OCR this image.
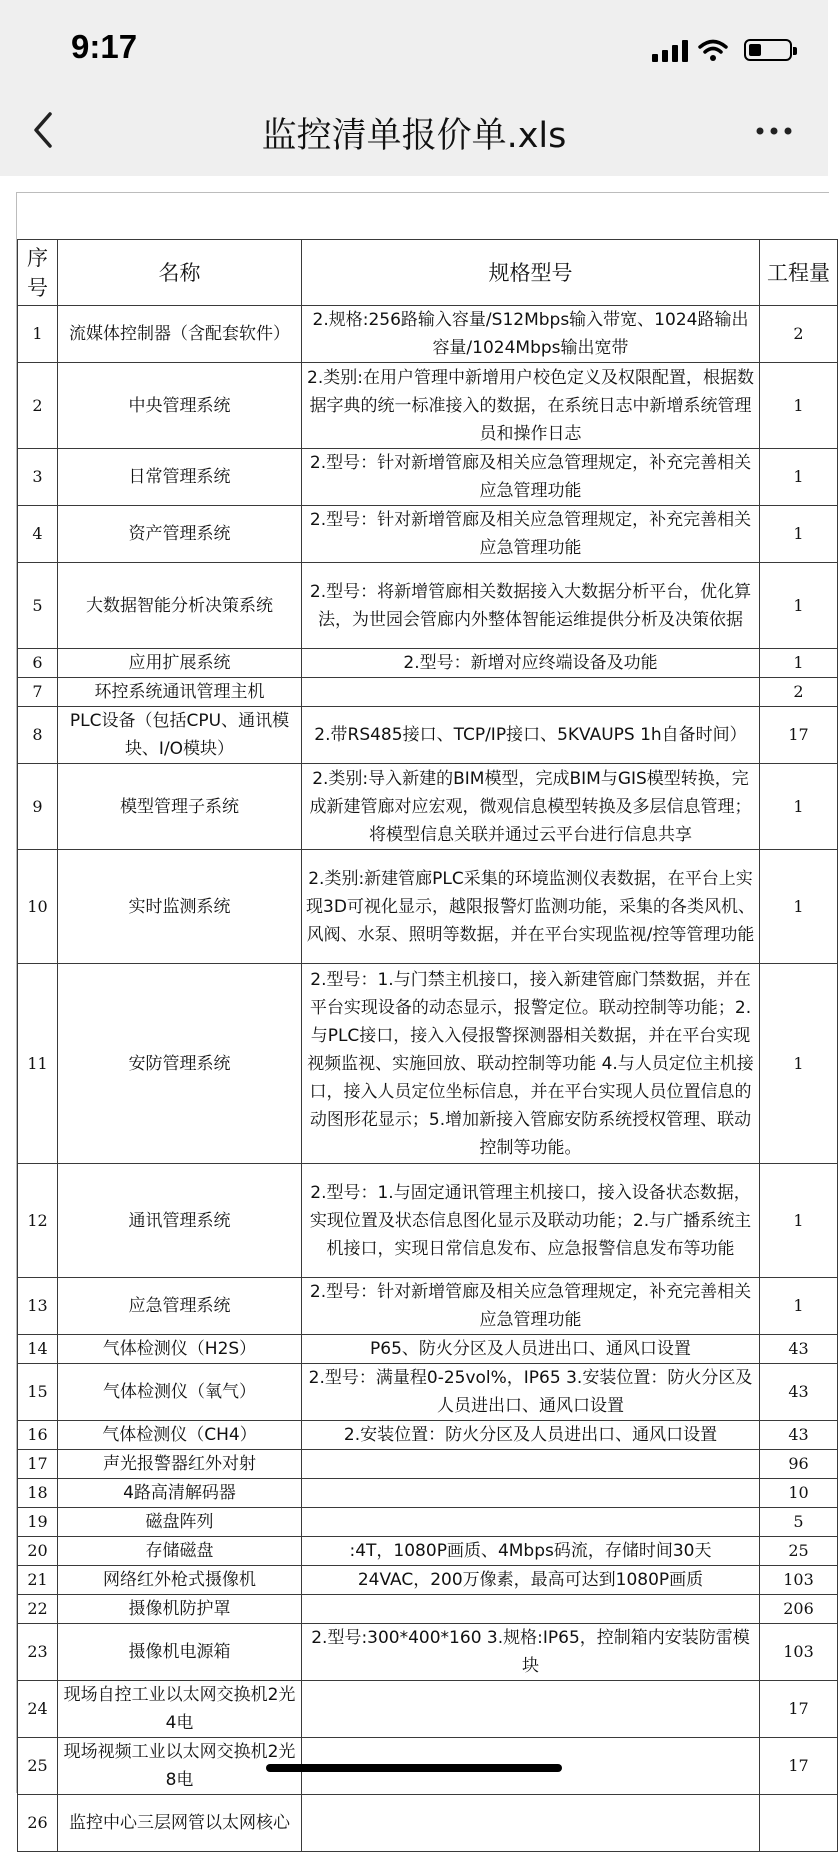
9:17
监控清单报价单.xls
序号	名称	规格型号	工程量
1	流媒体控制器（含配套软件）	2.规格:256路输入容量/S12Mbps输入带宽、1024路输出容量/1024Mbps输出宽带	2
2	中央管理系统	2.类别:在用户管理中新增用户校色定义及权限配置，根据数据字典的统一标准接入的数据，在系统日志中新增系统管理员和操作日志	1
3	日常管理系统	2.型号：针对新增管廊及相关应急管理规定，补充完善相关应急管理功能	1
4	资产管理系统	2.型号：针对新增管廊及相关应急管理规定，补充完善相关应急管理功能	1
5	大数据智能分析决策系统	2.型号：将新增管廊相关数据接入大数据分析平台，优化算法，为世园会管廊内外整体智能运维提供分析及决策依据	1
6	应用扩展系统	2.型号：新增对应终端设备及功能	1
7	环控系统通讯管理主机		2
8	PLC设备（包括CPU、通讯模块、I/O模块）	2.带RS485接口、TCP/IP接口、5KVAUPS 1h自备时间）	17
9	模型管理子系统	2.类别:导入新建的BIM模型，完成BIM与GIS模型转换，完成新建管廊对应宏观，微观信息模型转换及多层信息管理；将模型信息关联并通过云平台进行信息共享	1
10	实时监测系统	2.类别:新建管廊PLC采集的环境监测仪表数据，在平台上实现3D可视化显示，越限报警灯监测功能，采集的各类风机、风阀、水泵、照明等数据，并在平台实现监视/控等管理功能	1
11	安防管理系统	2.型号：1.与门禁主机接口，接入新建管廊门禁数据，并在平台实现设备的动态显示，报警定位。联动控制等功能；2.与PLC接口，接入入侵报警探测器相关数据，并在平台实现视频监视、实施回放、联动控制等功能 4.与人员定位主机接口，接入人员定位坐标信息，并在平台实现人员位置信息的动图形花显示；5.增加新接入管廊安防系统授权管理、联动控制等功能。	1
12	通讯管理系统	2.型号：1.与固定通讯管理主机接口，接入设备状态数据，实现位置及状态信息图化显示及联动功能；2.与广播系统主机接口，实现日常信息发布、应急报警信息发布等功能	1
13	应急管理系统	2.型号：针对新增管廊及相关应急管理规定，补充完善相关应急管理功能	1
14	气体检测仪（H2S）	P65、防火分区及人员进出口、通风口设置	43
15	气体检测仪（氧气）	2.型号：满量程0-25vol%，IP65 3.安装位置：防火分区及人员进出口、通风口设置	43
16	气体检测仪（CH4）	2.安装位置：防火分区及人员进出口、通风口设置	43
17	声光报警器红外对射		96
18	4路高清解码器		10
19	磁盘阵列		5
20	存储磁盘	:4T，1080P画质、4Mbps码流，存储时间30天	25
21	网络红外枪式摄像机	24VAC，200万像素，最高可达到1080P画质	103
22	摄像机防护罩		206
23	摄像机电源箱	2.型号:300*400*160 3.规格:IP65，控制箱内安装防雷模块	103
24	现场自控工业以太网交换机2光4电		17
25	现场视频工业以太网交换机2光8电		17
26	监控中心三层网管以太网核心		
